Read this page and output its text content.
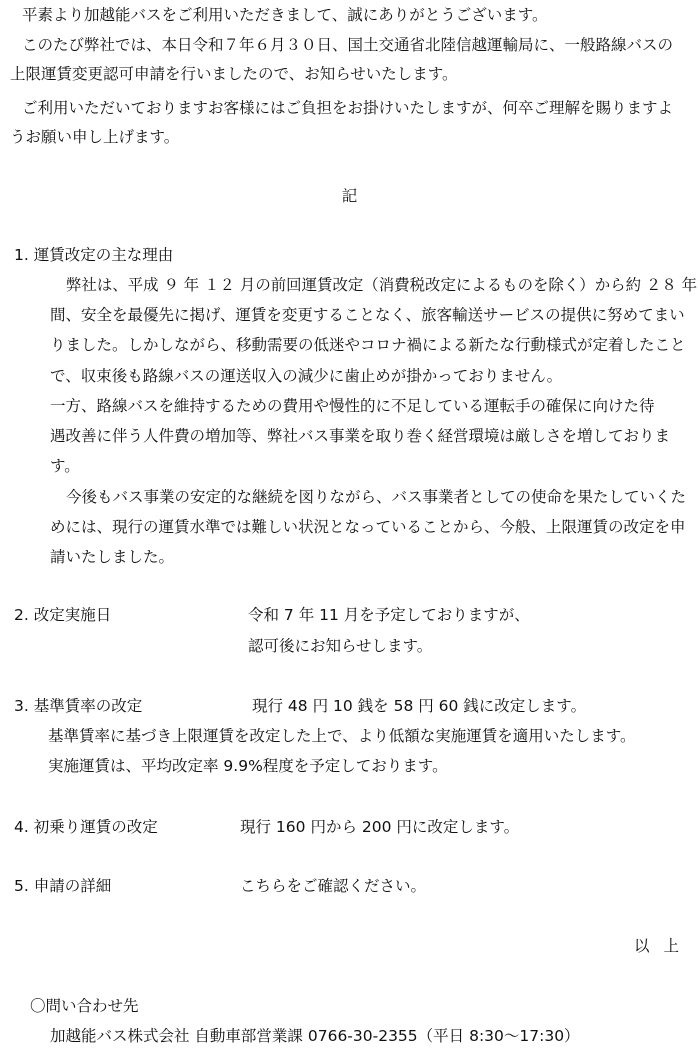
平素より加越能バスをご利用いただきまして、誠にありがとうございます。
このたび弊社では、本日令和７年６月３０日、国土交通省北陸信越運輸局に、一般路線バスの
上限運賃変更認可申請を行いましたので、お知らせいたします。
ご利用いただいておりますお客様にはご負担をお掛けいたしますが、何卒ご理解を賜りますよ
うお願い申し上げます。
記
1. 運賃改定の主な理由
弊社は、平成 ９ 年 １２ 月の前回運賃改定（消費税改定によるものを除く）から約 ２８ 年
間、安全を最優先に掲げ、運賃を変更することなく、旅客輸送サービスの提供に努めてまい
りました。しかしながら、移動需要の低迷やコロナ禍による新たな行動様式が定着したこと
で、収束後も路線バスの運送収入の減少に歯止めが掛かっておりません。
一方、路線バスを維持するための費用や慢性的に不足している運転手の確保に向けた待
遇改善に伴う人件費の増加等、弊社バス事業を取り巻く経営環境は厳しさを増しておりま
す。
今後もバス事業の安定的な継続を図りながら、バス事業者としての使命を果たしていくた
めには、現行の運賃水準では難しい状況となっていることから、今般、上限運賃の改定を申
請いたしました。
2. 改定実施日	令和 7 年 11 月を予定しておりますが、
認可後にお知らせします。
3. 基準賃率の改定	現行 48 円 10 銭を 58 円 60 銭に改定します。
基準賃率に基づき上限運賃を改定した上で、より低額な実施運賃を適用いたします。
実施運賃は、平均改定率 9.9%程度を予定しております。
4. 初乗り運賃の改定	現行 160 円から 200 円に改定します。
5. 申請の詳細	こちらをご確認ください。
以上
〇問い合わせ先
加越能バス株式会社 自動車部営業課 0766-30-2355（平日 8:30～17:30）
